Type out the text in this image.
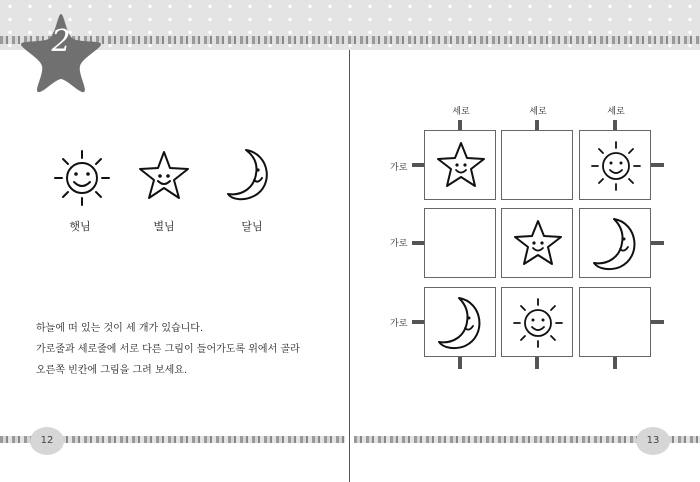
2
햇님	별님	달님
하늘에 떠 있는 것이 세 개가 있습니다.
가로줄과 세로줄에 서로 다른 그림이 들어가도록 위에서 골라
오른쪽 빈칸에 그림을 그려 보세요.
세로	세로	세로
가로
가로
가로
12	13
